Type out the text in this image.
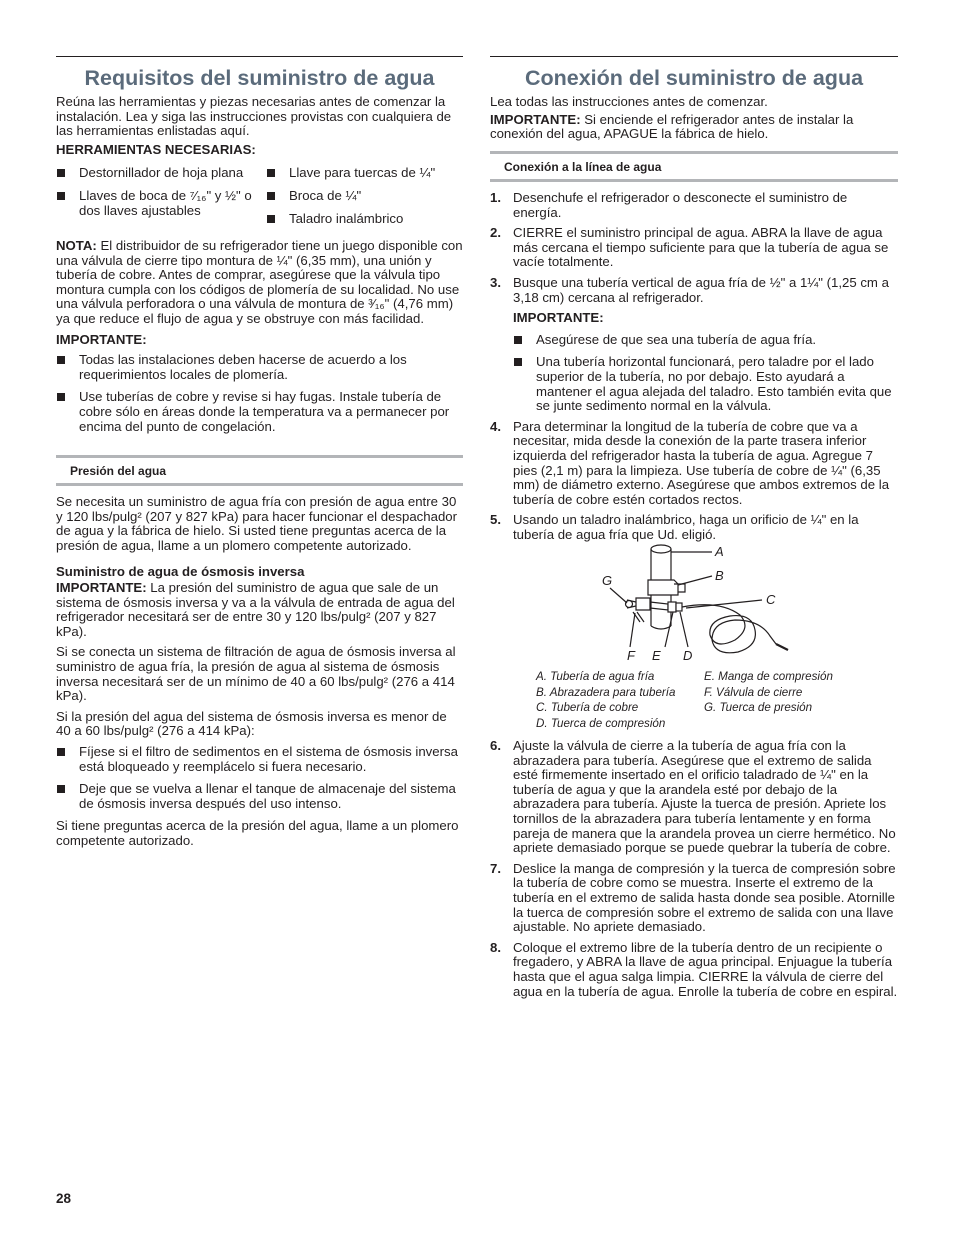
Requisitos del suministro de agua

Reúna las herramientas y piezas necesarias antes de comenzar la instalación. Lea y siga las instrucciones provistas con cualquiera de las herramientas enlistadas aquí.

HERRAMIENTAS NECESARIAS:

Destornillador de hoja plana

Llaves de boca de ⁷⁄₁₆" y ½" o dos llaves ajustables

Llave para tuercas de ¼"

Broca de ¼"

Taladro inalámbrico

NOTA: El distribuidor de su refrigerador tiene un juego disponible con una válvula de cierre tipo montura de ¼" (6,35 mm), una unión y tubería de cobre. Antes de comprar, asegúrese que la válvula tipo montura cumpla con los códigos de plomería de su localidad. No use una válvula perforadora o una válvula de montura de ³⁄₁₆" (4,76 mm) ya que reduce el flujo de agua y se obstruye con más facilidad.

IMPORTANTE:

Todas las instalaciones deben hacerse de acuerdo a los requerimientos locales de plomería.

Use tuberías de cobre y revise si hay fugas. Instale tubería de cobre sólo en áreas donde la temperatura va a permanecer por encima del punto de congelación.

Presión del agua

Se necesita un suministro de agua fría con presión de agua entre 30 y 120 lbs/pulg² (207 y 827 kPa) para hacer funcionar el despachador de agua y la fábrica de hielo. Si usted tiene preguntas acerca de la presión de agua, llame a un plomero competente autorizado.

Suministro de agua de ósmosis inversa

IMPORTANTE: La presión del suministro de agua que sale de un sistema de ósmosis inversa y va a la válvula de entrada de agua del refrigerador necesitará ser de entre 30 y 120 lbs/pulg² (207 y 827 kPa).

Si se conecta un sistema de filtración de agua de ósmosis inversa al suministro de agua fría, la presión de agua al sistema de ósmosis inversa necesitará ser de un mínimo de 40 a 60 lbs/pulg² (276 a 414 kPa).

Si la presión del agua del sistema de ósmosis inversa es menor de 40 a 60 lbs/pulg² (276 a 414 kPa):

Fíjese si el filtro de sedimentos en el sistema de ósmosis inversa está bloqueado y reemplácelo si fuera necesario.

Deje que se vuelva a llenar el tanque de almacenaje del sistema de ósmosis inversa después del uso intenso.

Si tiene preguntas acerca de la presión del agua, llame a un plomero competente autorizado.

Conexión del suministro de agua

Lea todas las instrucciones antes de comenzar.

IMPORTANTE: Si enciende el refrigerador antes de instalar la conexión del agua, APAGUE la fábrica de hielo.

Conexión a la línea de agua
1. Desenchufe el refrigerador o desconecte el suministro de energía.

2. CIERRE el suministro principal de agua. ABRA la llave de agua más cercana el tiempo suficiente para que la tubería de agua se vacíe totalmente.

3. Busque una tubería vertical de agua fría de ½" a 1¼" (1,25 cm a 3,18 cm) cercana al refrigerador.

IMPORTANTE:

Asegúrese de que sea una tubería de agua fría.

Una tubería horizontal funcionará, pero taladre por el lado superior de la tubería, no por debajo. Esto ayudará a mantener el agua alejada del taladro. Esto también evita que se junte sedimento normal en la válvula.

4. Para determinar la longitud de la tubería de cobre que va a necesitar, mida desde la conexión de la parte trasera inferior izquierda del refrigerador hasta la tubería de agua. Agregue 7 pies (2,1 m) para la limpieza. Use tubería de cobre de ¼" (6,35 mm) de diámetro externo. Asegúrese que ambos extremos de la tubería de cobre estén cortados rectos.

5. Usando un taladro inalámbrico, haga un orificio de ¼" en la tubería de agua fría que Ud. eligió.

A
B
C
G
F E D
A. Tubería de agua fría
B. Abrazadera para tubería
C. Tubería de cobre
D. Tuerca de compresión
E. Manga de compresión
F. Válvula de cierre
G. Tuerca de presión
6. Ajuste la válvula de cierre a la tubería de agua fría con la abrazadera para tubería. Asegúrese que el extremo de salida esté firmemente insertado en el orificio taladrado de ¼" en la tubería de agua y que la arandela esté por debajo de la abrazadera para tubería. Ajuste la tuerca de presión. Apriete los tornillos de la abrazadera para tubería lentamente y en forma pareja de manera que la arandela provea un cierre hermético. No apriete demasiado porque se puede quebrar la tubería de cobre.

7. Deslice la manga de compresión y la tuerca de compresión sobre la tubería de cobre como se muestra. Inserte el extremo de la tubería en el extremo de salida hasta donde sea posible. Atornille la tuerca de compresión sobre el extremo de salida con una llave ajustable. No apriete demasiado.

8. Coloque el extremo libre de la tubería dentro de un recipiente o fregadero, y ABRA la llave de agua principal. Enjuague la tubería hasta que el agua salga limpia. CIERRE la válvula de cierre del agua en la tubería de agua. Enrolle la tubería de cobre en espiral.

28
